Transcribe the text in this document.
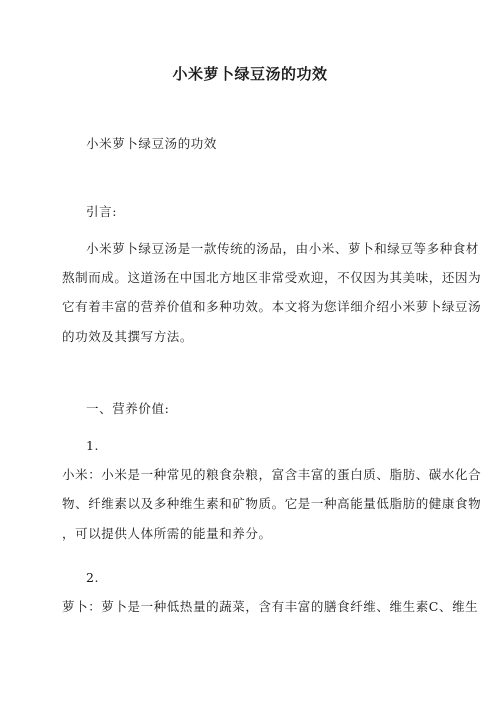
小米萝卜绿豆汤的功效
小米萝卜绿豆汤的功效
引言:
小米萝卜绿豆汤是一款传统的汤品，由小米、萝卜和绿豆等多种食材
熬制而成。这道汤在中国北方地区非常受欢迎，不仅因为其美味，还因为
它有着丰富的营养价值和多种功效。本文将为您详细介绍小米萝卜绿豆汤
的功效及其撰写方法。
一、营养价值:
1.
小米：小米是一种常见的粮食杂粮，富含丰富的蛋白质、脂肪、碳水化合
物、纤维素以及多种维生素和矿物质。它是一种高能量低脂肪的健康食物
，可以提供人体所需的能量和养分。
2.
萝卜：萝卜是一种低热量的蔬菜，含有丰富的膳食纤维、维生素C、维生
